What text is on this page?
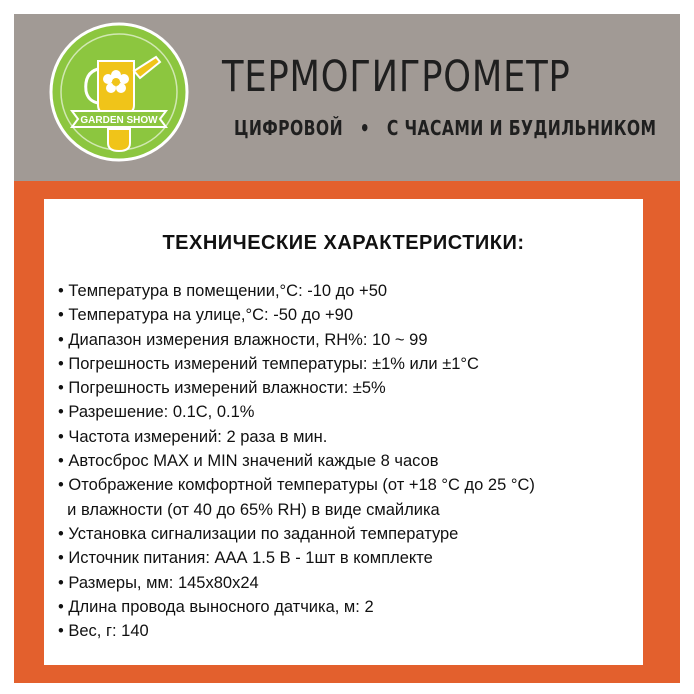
GARDEN SHOW
ТЕРМОГИГРОМЕТР
ЦИФРОВОЙ • С ЧАСАМИ И БУДИЛЬНИКОМ
ТЕХНИЧЕСКИЕ ХАРАКТЕРИСТИКИ:
• Температура в помещении,°C: -10 до +50
• Температура на улице,°C: -50 до +90
• Диапазон измерения влажности, RH%: 10 ~ 99
• Погрешность измерений температуры: ±1% или ±1°C
• Погрешность измерений влажности: ±5%
• Разрешение: 0.1С, 0.1%
• Частота измерений: 2 раза в мин.
• Автосброс MAX и MIN значений каждые 8 часов
• Отображение комфортной температуры (от +18 °C до 25 °C)
и влажности (от 40 до 65% RH) в виде смайлика
• Установка сигнализации по заданной температуре
• Источник питания: ААА 1.5 В - 1шт в комплекте
• Размеры, мм: 145x80x24
• Длина провода выносного датчика, м: 2
• Вес, г: 140
